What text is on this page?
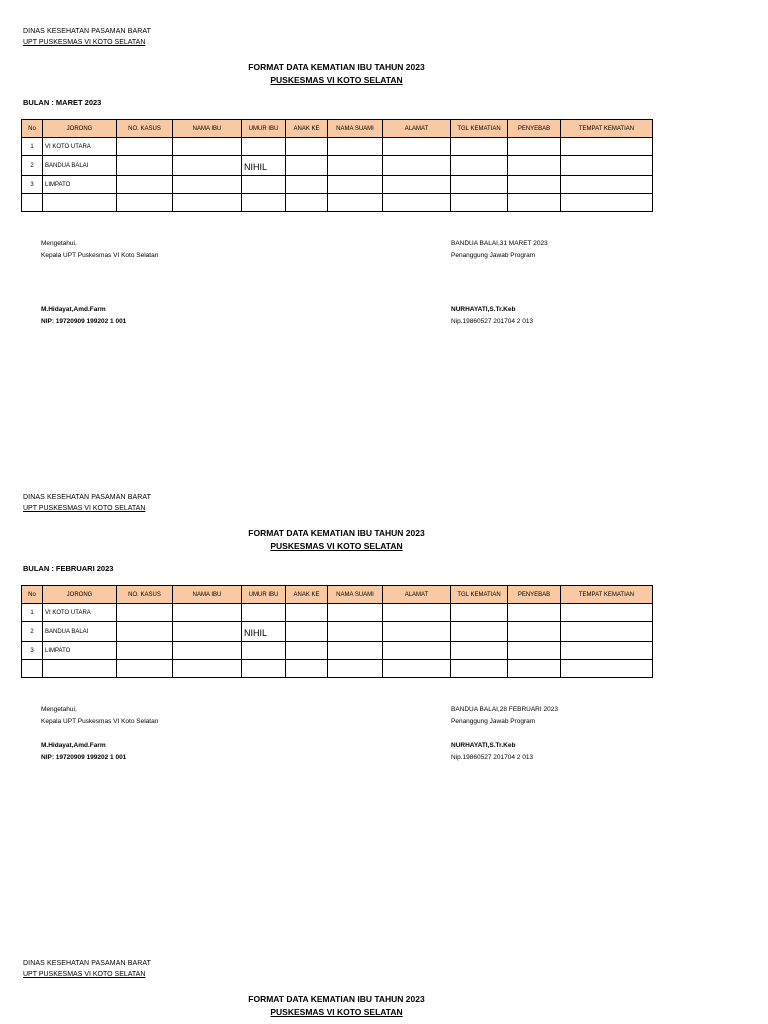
DINAS KESEHATAN PASAMAN BARAT
UPT PUSKESMAS VI KOTO SELATAN
FORMAT DATA KEMATIAN IBU TAHUN 2023
PUSKESMAS VI KOTO SELATAN
BULAN : MARET 2023
No	JORONG	NO. KASUS	NAMA IBU	UMUR IBU	ANAK KE	NAMA SUAMI	ALAMAT	TGL KEMATIAN	PENYEBAB	TEMPAT KEMATIAN
1	VI KOTO UTARA									
2	BANDUA BALAI			NIHIL						
3	LIMPATO									

Mengetahui,
Kepala UPT Puskesmas VI Koto Selatan
BANDUA BALAI,31 MARET 2023
Penanggung Jawab Program
M.Hidayat,Amd.Farm
NIP: 19720909 199202 1 001
NURHAYATI,S.Tr.Keb
Nip.19860527 201704 2 013
DINAS KESEHATAN PASAMAN BARAT
UPT PUSKESMAS VI KOTO SELATAN
FORMAT DATA KEMATIAN IBU TAHUN 2023
PUSKESMAS VI KOTO SELATAN
BULAN : FEBRUARI 2023
No	JORONG	NO. KASUS	NAMA IBU	UMUR IBU	ANAK KE	NAMA SUAMI	ALAMAT	TGL KEMATIAN	PENYEBAB	TEMPAT KEMATIAN
1	VI KOTO UTARA									
2	BANDUA BALAI			NIHIL						
3	LIMPATO									

Mengetahui,
Kepala UPT Puskesmas VI Koto Selatan
BANDUA BALAI,28 FEBRUARI 2023
Penanggung Jawab Program
M.Hidayat,Amd.Farm
NIP: 19720909 199202 1 001
NURHAYATI,S.Tr.Keb
Nip.19860527 201704 2 013
DINAS KESEHATAN PASAMAN BARAT
UPT PUSKESMAS VI KOTO SELATAN
FORMAT DATA KEMATIAN IBU TAHUN 2023
PUSKESMAS VI KOTO SELATAN
